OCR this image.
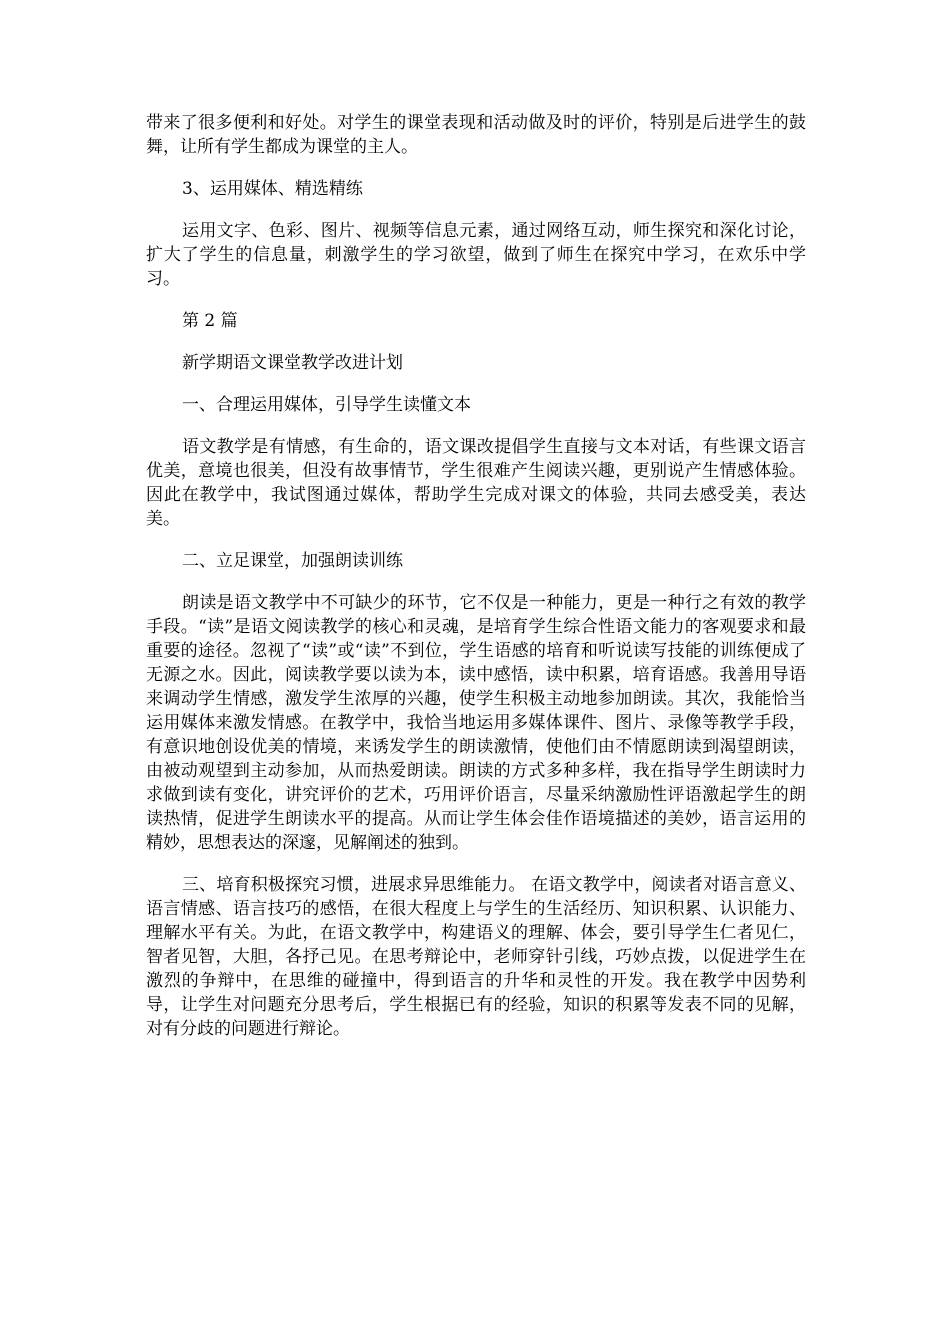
带来了很多便利和好处。对学生的课堂表现和活动做及时的评价，特别是后进学生的鼓舞，让所有学生都成为课堂的主人。

3、运用媒体、精选精练

运用文字、色彩、图片、视频等信息元素，通过网络互动，师生探究和深化讨论，扩大了学生的信息量，刺激学生的学习欲望，做到了师生在探究中学习，在欢乐中学习。

第 2 篇

新学期语文课堂教学改进计划

一、合理运用媒体，引导学生读懂文本

语文教学是有情感，有生命的，语文课改提倡学生直接与文本对话，有些课文语言优美，意境也很美，但没有故事情节，学生很难产生阅读兴趣，更别说产生情感体验。因此在教学中，我试图通过媒体，帮助学生完成对课文的体验，共同去感受美，表达美。

二、立足课堂，加强朗读训练

朗读是语文教学中不可缺少的环节，它不仅是一种能力，更是一种行之有效的教学手段。“读”是语文阅读教学的核心和灵魂，是培育学生综合性语文能力的客观要求和最重要的途径。忽视了“读”或“读”不到位，学生语感的培育和听说读写技能的训练便成了无源之水。因此，阅读教学要以读为本，读中感悟，读中积累，培育语感。我善用导语来调动学生情感，激发学生浓厚的兴趣，使学生积极主动地参加朗读。其次，我能恰当运用媒体来激发情感。在教学中，我恰当地运用多媒体课件、图片、录像等教学手段，有意识地创设优美的情境，来诱发学生的朗读激情，使他们由不情愿朗读到渴望朗读，由被动观望到主动参加，从而热爱朗读。朗读的方式多种多样，我在指导学生朗读时力求做到读有变化，讲究评价的艺术，巧用评价语言，尽量采纳激励性评语激起学生的朗读热情，促进学生朗读水平的提高。从而让学生体会佳作语境描述的美妙，语言运用的精妙，思想表达的深邃，见解阐述的独到。

三、培育积极探究习惯，进展求异思维能力。 在语文教学中，阅读者对语言意义、语言情感、语言技巧的感悟，在很大程度上与学生的生活经历、知识积累、认识能力、理解水平有关。为此，在语文教学中，构建语义的理解、体会，要引导学生仁者见仁，智者见智，大胆，各抒己见。在思考辩论中，老师穿针引线，巧妙点拨，以促进学生在激烈的争辩中，在思维的碰撞中，得到语言的升华和灵性的开发。我在教学中因势利导，让学生对问题充分思考后，学生根据已有的经验，知识的积累等发表不同的见解，对有分歧的问题进行辩论。
